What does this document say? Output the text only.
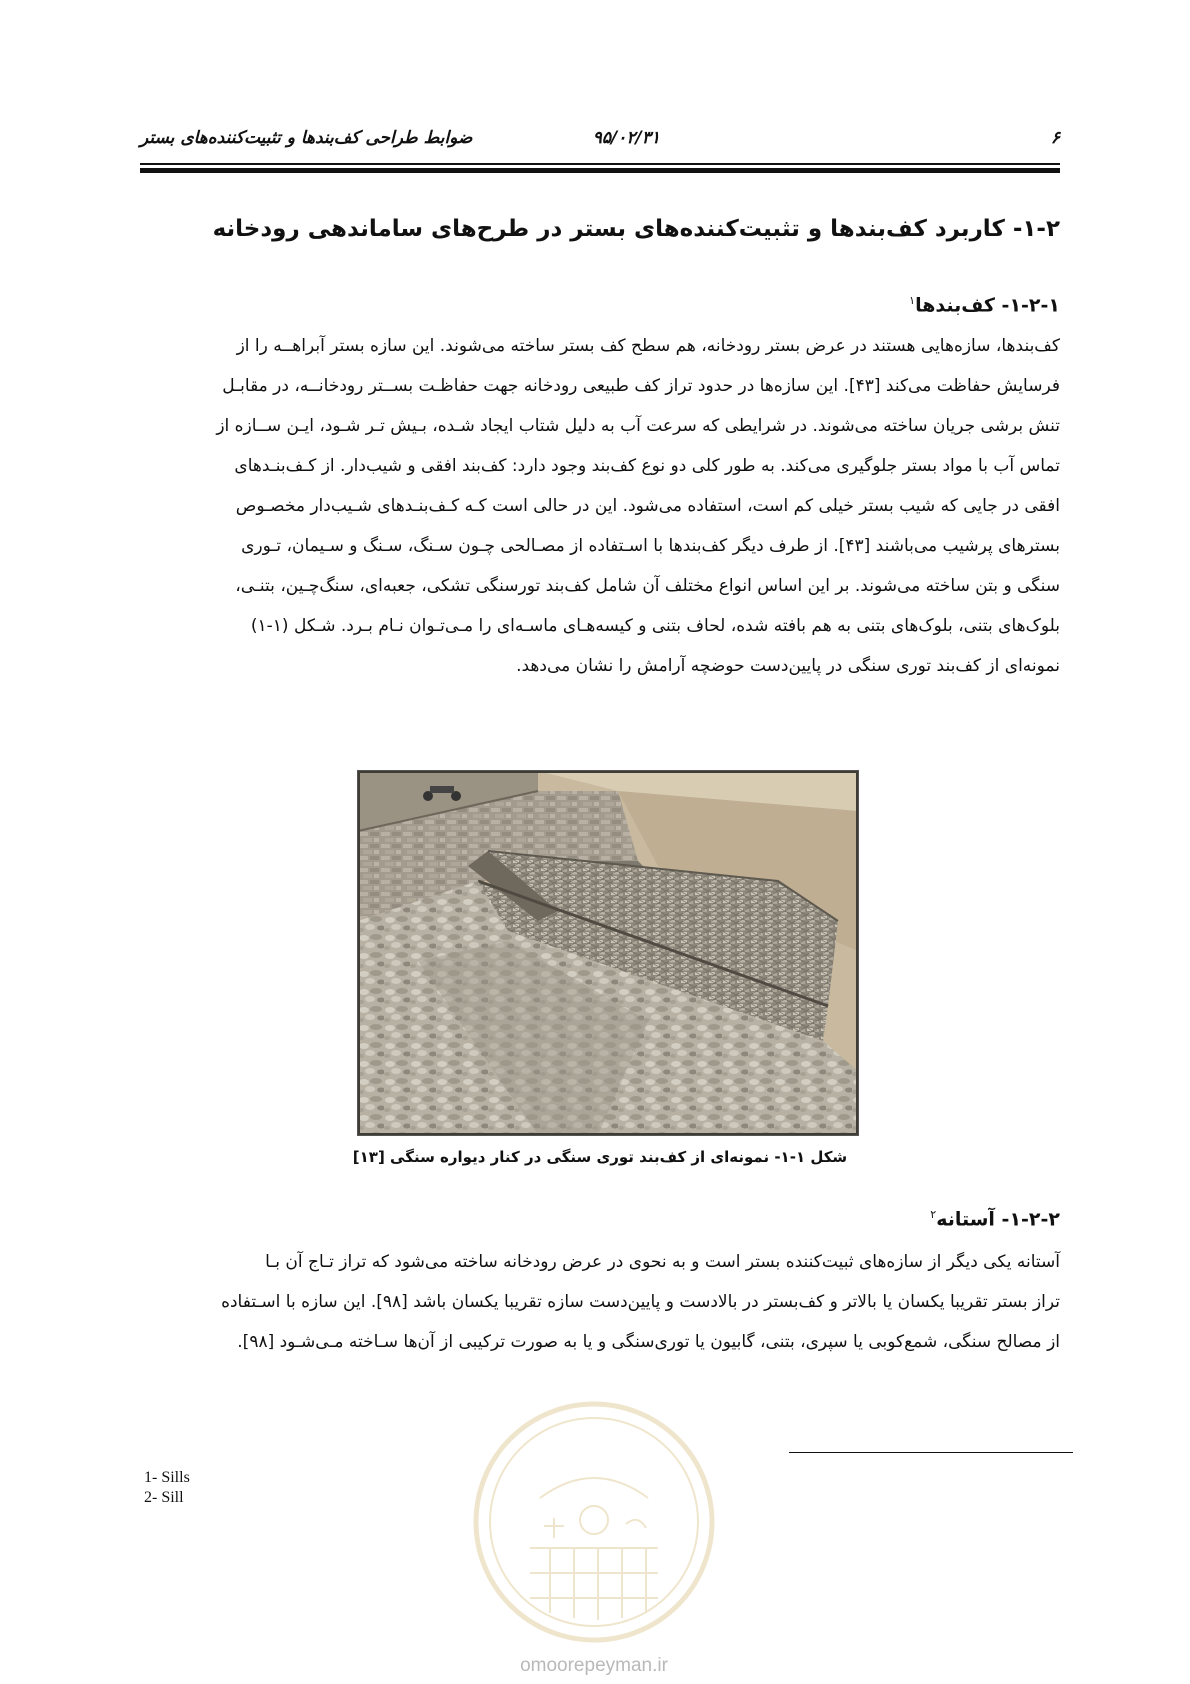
۶
۹۵/۰۲/۳۱
ضوابط طراحی کف‌بندها و تثبیت‌کننده‌های بستر
۱-۲- کاربرد کف‌بندها و تثبیت‌کننده‌های بستر در طرح‌های ساماندهی رودخانه
۱-۲-۱- کف‌بندها$^۱$
کف‌بندها، سازه‌هایی هستند در عرض بستر رودخانه، هم سطح کف بستر ساخته می‌شوند. این سازه بستر آبراهــه را از
فرسایش حفاظت می‌کند [۴۳]. این سازه‌ها در حدود تراز کف طبیعی رودخانه جهت حفاظـت بســتر رودخانــه، در مقابـل
تنش برشی جریان ساخته می‌شوند. در شرایطی که سرعت آب به دلیل شتاب ایجاد شـده، بـیش تـر شـود، ایـن ســازه از
تماس آب با مواد بستر جلوگیری می‌کند. به طور کلی دو نوع کف‌بند وجود دارد: کف‌بند افقی و شیب‌دار. از کـف‌بنـدهای
افقی در جایی که شیب بستر خیلی کم است، استفاده می‌شود. این در حالی است کـه کـف‌بنـدهای شـیب‌دار مخصـوص
بسترهای پرشیب می‌باشند [۴۳]. از طرف دیگر کف‌بندها با اسـتفاده از مصـالحی چـون سـنگ، سـنگ و سـیمان، تـوری
سنگی و بتن ساخته می‌شوند. بر این اساس انواع مختلف آن شامل کف‌بند تورسنگی تشکی، جعبه‌ای، سنگ‌چـین، بتنـی،
بلوک‌های بتنی، بلوک‌های بتنی به هم بافته شده، لحاف بتنی و کیسه‌هـای ماسـه‌ای را مـی‌تـوان نـام بـرد. شـکل (۱-۱)
نمونه‌ای از کف‌بند توری سنگی در پایین‌دست حوضچه آرامش را نشان می‌دهد.
شکل ۱-۱- نمونه‌ای از کف‌بند توری سنگی در کنار دیواره سنگی [۱۳]
۱-۲-۲- آستانه$^۲$
آستانه یکی دیگر از سازه‌های ثبیت‌کننده بستر است و به نحوی در عرض رودخانه ساخته می‌شود که تراز تـاج آن بـا
تراز بستر تقریبا یکسان یا بالاتر و کف‌بستر در بالادست و پایین‌دست سازه تقریبا یکسان باشد [۹۸]. این سازه با اسـتفاده
از مصالح سنگی، شمع‌کوبی یا سپری، بتنی، گابیون یا توری‌سنگی و یا به صورت ترکیبی از آن‌ها سـاخته مـی‌شـود [۹۸].
omoorepeyman.ir
1- Sills
2- Sill
